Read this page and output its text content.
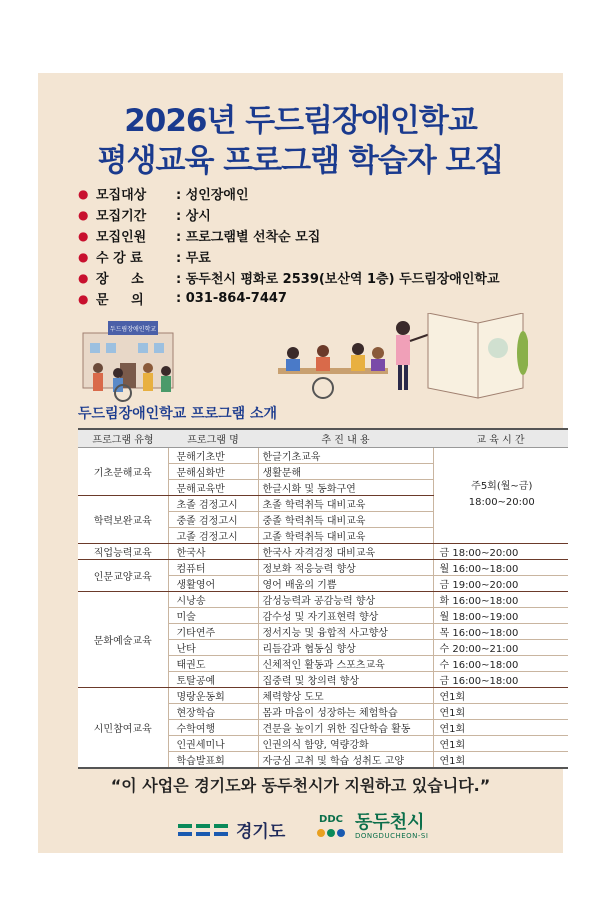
2026년 두드림장애인학교
평생교육 프로그램 학습자 모집
● 모집대상	: 성인장애인
● 모집기간	: 상시
● 모집인원	: 프로그램별 선착순 모집
● 수 강 료	: 무료
● 장     소	: 동두천시 평화로 2539(보산역 1층) 두드림장애인학교
● 문     의	: 031-864-7447
두드림장애인학교
두드림장애인학교 프로그램 소개
프로그램 유형	프로그램 명	추 진 내 용	교 육 시 간
기초문해교육	문해기초반	한글기초교육	주5회(월~금)
18:00~20:00

	문해심화반	생활문해	
	문해교육반	한글시화 및 동화구연	
학력보완교육	초졸 검정고시	초졸 학력취득 대비교육	
	중졸 검정고시	중졸 학력취득 대비교육	
	고졸 검정고시	고졸 학력취득 대비교육	
직업능력교육	한국사	한국사 자격검정 대비교육	금 18:00~20:00
인문교양교육	컴퓨터	정보화 적응능력 향상	월 16:00~18:00
	생활영어	영어 배움의 기쁨	금 19:00~20:00
문화예술교육	시낭송	감성능력과 공감능력 향상	화 16:00~18:00
	미술	감수성 및 자기표현력 향상	월 18:00~19:00
	기타연주	정서지능 및 융합적 사고향상	목 16:00~18:00
	난타	리듬감과 협동심 향상	수 20:00~21:00
	태권도	신체적인 활동과 스포츠교육	수 16:00~18:00
	토탈공예	집중력 및 창의력 향상	금 16:00~18:00
시민참여교육	명랑운동회	체력향상 도모	연1회
	현장학습	몸과 마음이 성장하는 체험학습	연1회
	수학여행	견문을 높이기 위한 집단학습 활동	연1회
	인권세미나	인권의식 함양, 역량강화	연1회
	학습발표회	자긍심 고취 및 학습 성취도 고양	연1회
“이 사업은 경기도와 동두천시가 지원하고 있습니다.”
경기도
DDC 동두천시
DONGDUCHEON-SI
